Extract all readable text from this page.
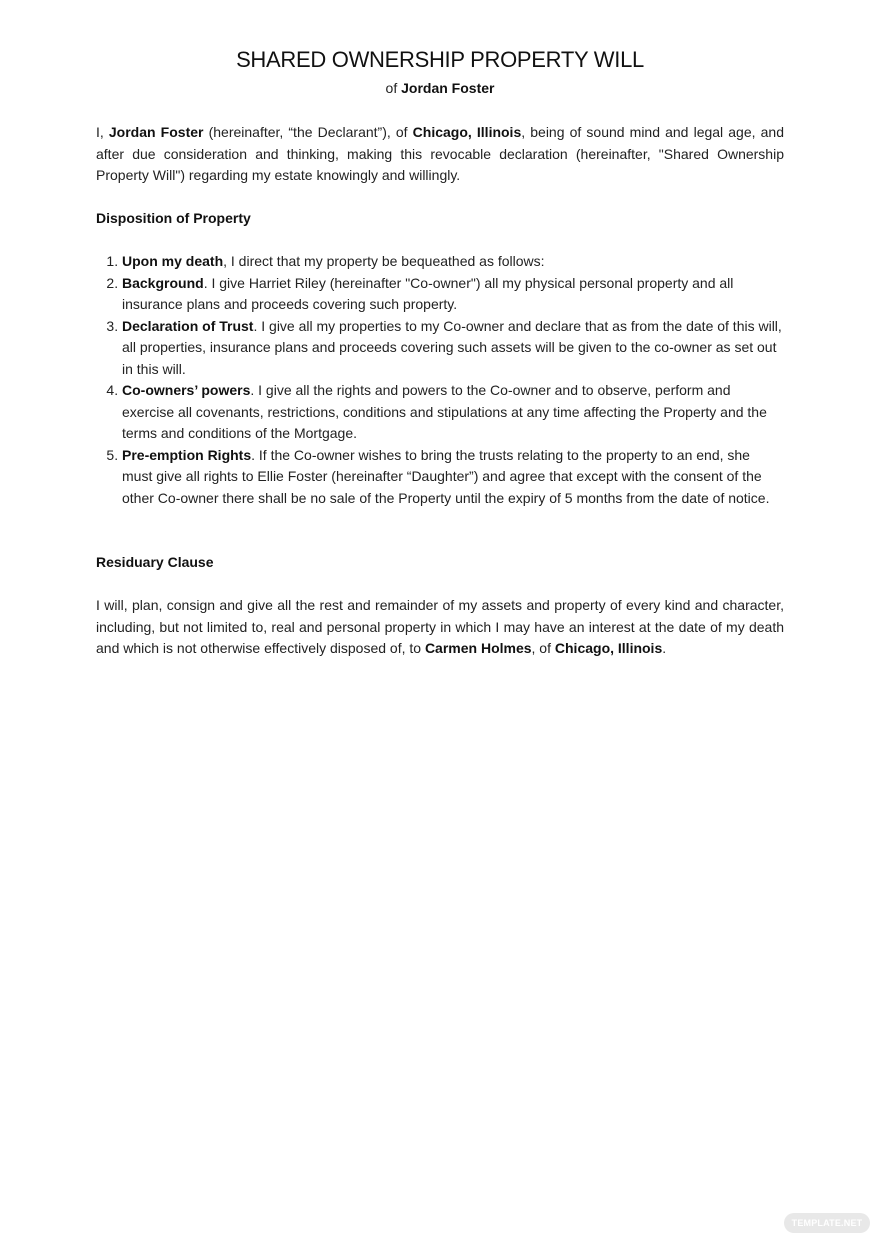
SHARED OWNERSHIP PROPERTY WILL
of Jordan Foster

I, Jordan Foster (hereinafter, “the Declarant”), of Chicago, Illinois, being of sound mind and legal age, and after due consideration and thinking, making this revocable declaration (hereinafter, "Shared Ownership Property Will") regarding my estate knowingly and willingly.

Disposition of Property

1. Upon my death, I direct that my property be bequeathed as follows:
2. Background. I give Harriet Riley (hereinafter "Co-owner") all my physical personal property and all insurance plans and proceeds covering such property.
3. Declaration of Trust. I give all my properties to my Co-owner and declare that as from the date of this will, all properties, insurance plans and proceeds covering such assets will be given to the co-owner as set out in this will.
4. Co-owners’ powers. I give all the rights and powers to the Co-owner and to observe, perform and exercise all covenants, restrictions, conditions and stipulations at any time affecting the Property and the terms and conditions of the Mortgage.
5. Pre-emption Rights. If the Co-owner wishes to bring the trusts relating to the property to an end, she must give all rights to Ellie Foster (hereinafter “Daughter”) and agree that except with the consent of the other Co-owner there shall be no sale of the Property until the expiry of 5 months from the date of notice.

Residuary Clause

I will, plan, consign and give all the rest and remainder of my assets and property of every kind and character, including, but not limited to, real and personal property in which I may have an interest at the date of my death and which is not otherwise effectively disposed of, to Carmen Holmes, of Chicago, Illinois.

TEMPLATE.NET
